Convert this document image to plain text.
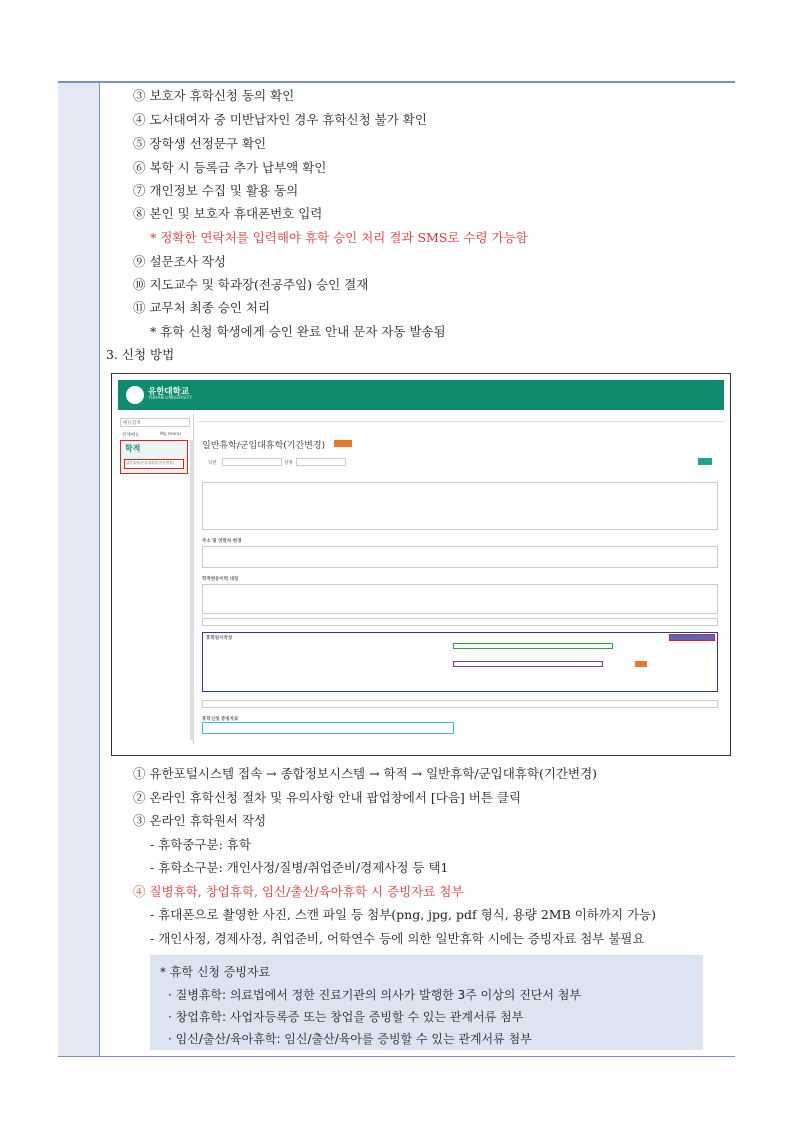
③ 보호자 휴학신청 동의 확인
④ 도서대여자 중 미반납자인 경우 휴학신청 불가 확인
⑤ 장학생 선정문구 확인
⑥ 복학 시 등록금 추가 납부액 확인
⑦ 개인정보 수집 및 활용 동의
⑧ 본인 및 보호자 휴대폰번호 입력
* 정확한 연락처를 입력해야 휴학 승인 처리 결과 SMS로 수령 가능함
⑨ 설문조사 작성
⑩ 지도교수 및 학과장(전공주임) 승인 결재
⑪ 교무처 최종 승인 처리
* 휴학 신청 학생에게 승인 완료 안내 문자 자동 발송됨
3. 신청 방법
유한대학교
YUHAN UNIVERSITY
메뉴검색
전체메뉴	My menu
학적
일반휴학/군입대휴학(기간변경)
일반휴학/군입대휴학(기간변경)
학번	성명
주소 및 연락처 변경
학적변동이력 대장
휴학원서작성
휴학신청 증빙자료
① 유한포털시스템 접속 → 종합정보시스템 → 학적 → 일반휴학/군입대휴학(기간변경)
② 온라인 휴학신청 절차 및 유의사항 안내 팝업창에서 [다음] 버튼 클릭
③ 온라인 휴학원서 작성
- 휴학중구분: 휴학
- 휴학소구분: 개인사정/질병/취업준비/경제사정 등 택1
④ 질병휴학, 창업휴학, 임신/출산/육아휴학 시 증빙자료 첨부
- 휴대폰으로 촬영한 사진, 스캔 파일 등 첨부(png, jpg, pdf 형식, 용량 2MB 이하까지 가능)
- 개인사정, 경제사정, 취업준비, 어학연수 등에 의한 일반휴학 시에는 증빙자료 첨부 불필요
* 휴학 신청 증빙자료
· 질병휴학: 의료법에서 정한 진료기관의 의사가 발행한 3주 이상의 진단서 첨부
· 창업휴학: 사업자등록증 또는 창업을 증빙할 수 있는 관계서류 첨부
· 임신/출산/육아휴학: 임신/출산/육아를 증빙할 수 있는 관계서류 첨부
